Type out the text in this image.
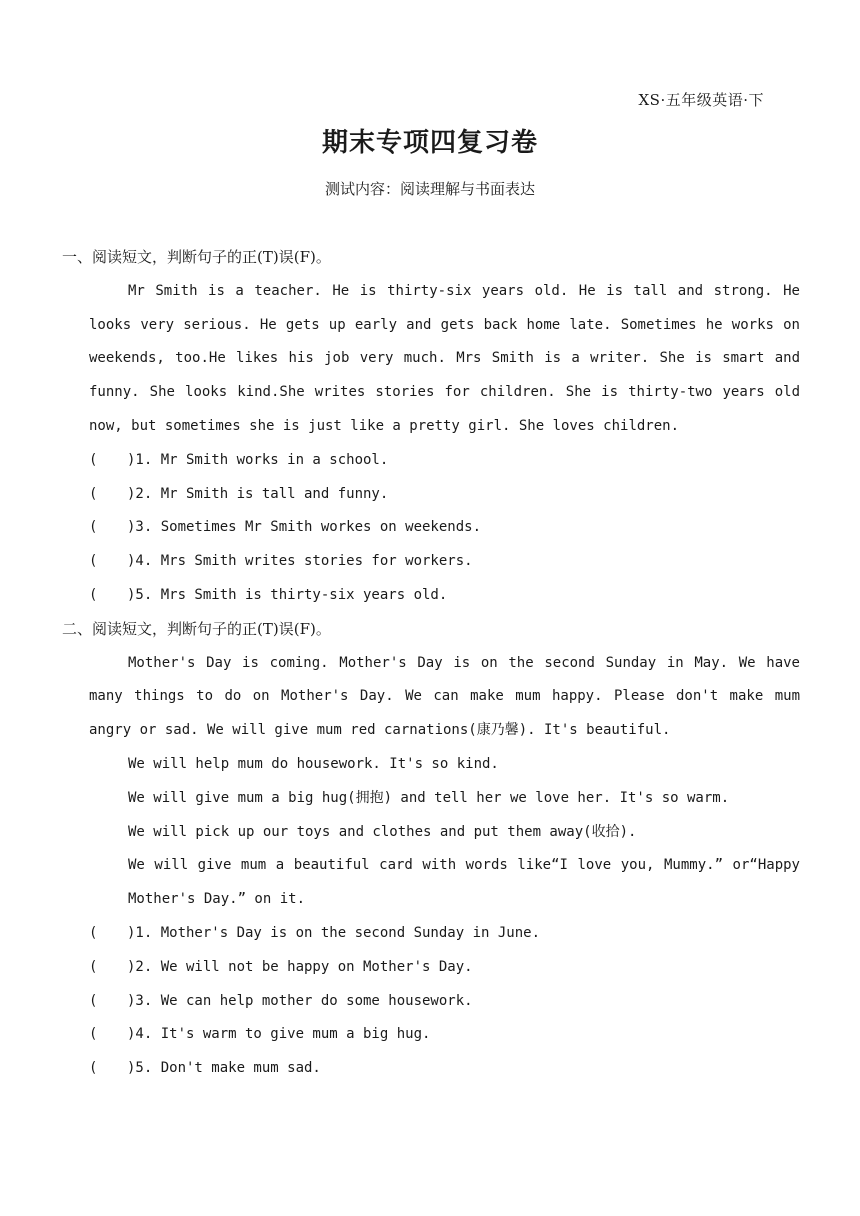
XS·五年级英语·下
期末专项四复习卷
测试内容：阅读理解与书面表达
一、阅读短文，判断句子的正(T)误(F)。
Mr Smith is a teacher. He is thirty-six years old. He is tall and strong. He looks very serious. He gets up early and gets back home late. Sometimes he works on weekends, too.He likes his job very much. Mrs Smith is a writer. She is smart and funny. She looks kind.She writes stories for children. She is thirty-two years old now, but sometimes she is just like a pretty girl. She loves children.
(	)1. Mr Smith works in a school.
(	)2. Mr Smith is tall and funny.
(	)3. Sometimes Mr Smith workes on weekends.
(	)4. Mrs Smith writes stories for workers.
(	)5. Mrs Smith is thirty-six years old.
二、阅读短文，判断句子的正(T)误(F)。
Mother's Day is coming. Mother's Day is on the second Sunday in May. We have many things to do on Mother's Day. We can make mum happy. Please don't make mum angry or sad. We will give mum red carnations(康乃馨). It's beautiful.
We will help mum do housework. It's so kind.
We will give mum a big hug(拥抱) and tell her we love her. It's so warm.
We will pick up our toys and clothes and put them away(收拾).
We will give mum a beautiful card with words like“I love you, Mummy.” or“Happy Mother's Day.” on it.
(	)1. Mother's Day is on the second Sunday in June.
(	)2. We will not be happy on Mother's Day.
(	)3. We can help mother do some housework.
(	)4. It's warm to give mum a big hug.
(	)5. Don't make mum sad.
